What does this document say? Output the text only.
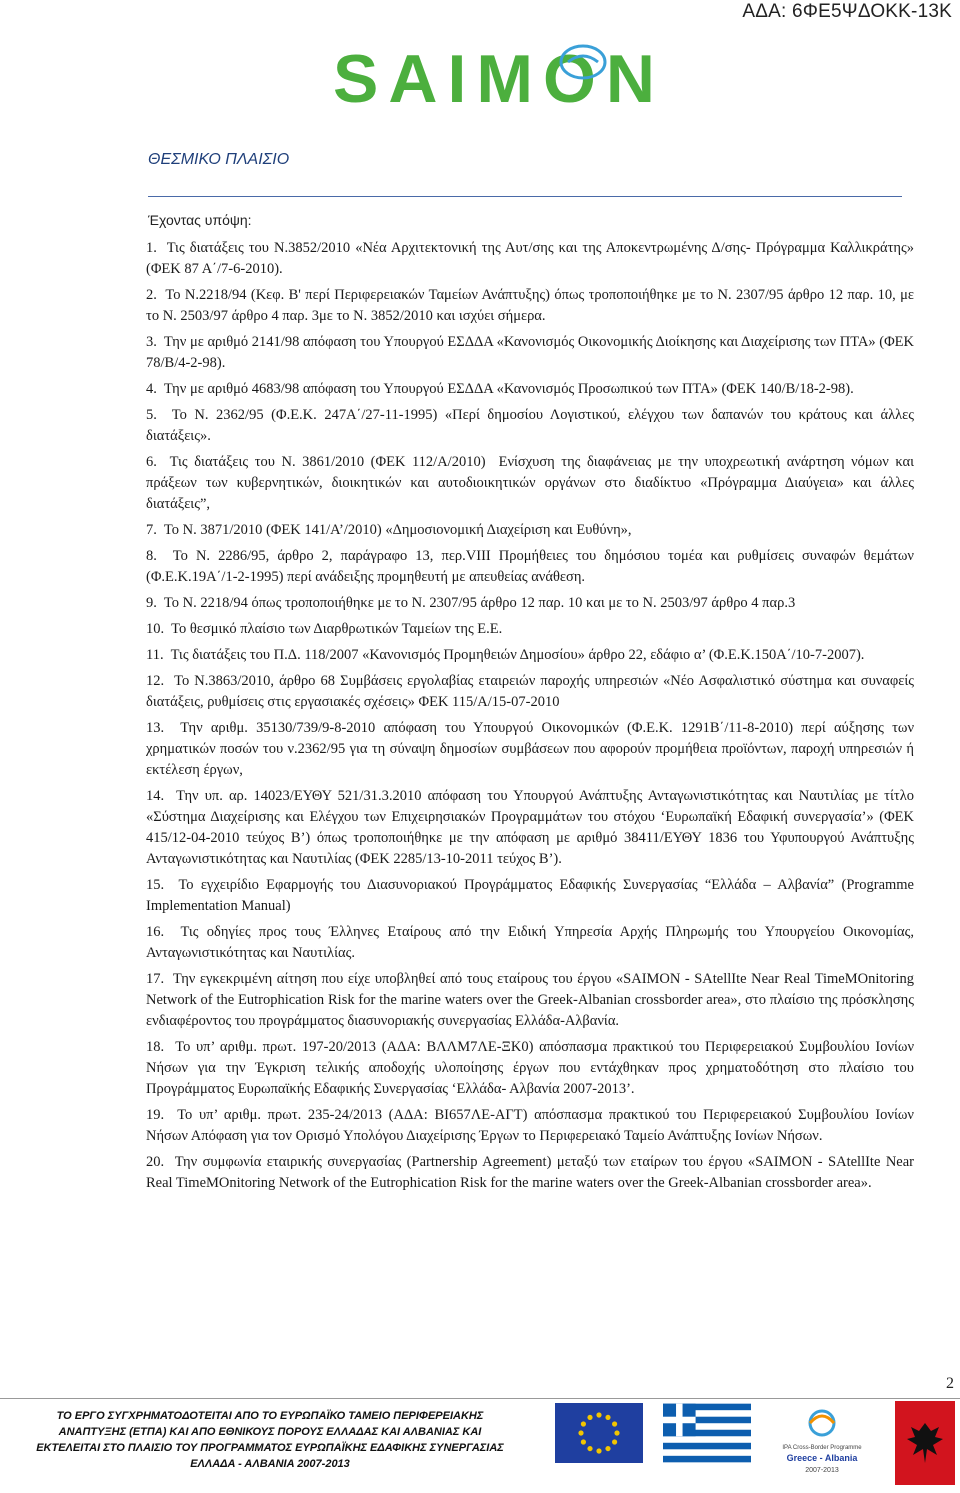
ΑΔΑ: 6ΦΕ5ΨΔΟΚΚ-13Κ
SAIMON
ΘΕΣΜΙΚΟ ΠΛΑΙΣΙΟ
Έχοντας υπόψη:

1.  Τις διατάξεις του Ν.3852/2010 «Νέα Αρχιτεκτονική της Αυτ/σης και της Αποκεντρωμένης Δ/σης- Πρόγραμμα Καλλικράτης» (ΦΕΚ 87 Α΄/7-6-2010).

2.  Το Ν.2218/94 (Κεφ. Β' περί Περιφερειακών Ταμείων Ανάπτυξης) όπως τροποποιήθηκε με το Ν. 2307/95 άρθρο 12 παρ. 10, με το Ν. 2503/97 άρθρο 4 παρ. 3με το Ν. 3852/2010 και ισχύει σήμερα.

3.  Την με αριθμό 2141/98 απόφαση του Υπουργού ΕΣΔΔΑ «Κανονισμός Οικονομικής Διοίκησης και Διαχείρισης των ΠΤΑ» (ΦΕΚ 78/Β/4-2-98).

4.  Την με αριθμό 4683/98 απόφαση του Υπουργού ΕΣΔΔΑ «Κανονισμός Προσωπικού των ΠΤΑ» (ΦΕΚ 140/Β/18-2-98).

5.  Το Ν. 2362/95 (Φ.Ε.Κ. 247Α΄/27-11-1995) «Περί δημοσίου Λογιστικού, ελέγχου των δαπανών του κράτους και άλλες διατάξεις».

6.  Τις διατάξεις του Ν. 3861/2010 (ΦΕΚ 112/Α/2010)  Ενίσχυση της διαφάνειας με την υποχρεωτική ανάρτηση νόμων και πράξεων των κυβερνητικών, διοικητικών και αυτοδιοικητικών οργάνων στο διαδίκτυο «Πρόγραμμα Διαύγεια» και άλλες διατάξεις”,

7.  Το Ν. 3871/2010 (ΦΕΚ 141/Α’/2010) «Δημοσιονομική Διαχείριση και Ευθύνη»,

8.  Το Ν. 2286/95, άρθρο 2, παράγραφο 13, περ.VIII Προμήθειες του δημόσιου τομέα και ρυθμίσεις συναφών θεμάτων (Φ.Ε.Κ.19Α΄/1-2-1995) περί ανάδειξης προμηθευτή με απευθείας ανάθεση.

9.  Το Ν. 2218/94 όπως τροποποιήθηκε με το Ν. 2307/95 άρθρο 12 παρ. 10 και με το Ν. 2503/97 άρθρο 4 παρ.3

10.  Το θεσμικό πλαίσιο των Διαρθρωτικών Ταμείων της Ε.Ε.

11.  Τις διατάξεις του Π.Δ. 118/2007 «Κανονισμός Προμηθειών Δημοσίου» άρθρο 22, εδάφιο α’ (Φ.Ε.Κ.150Α΄/10-7-2007).

12.  Το Ν.3863/2010, άρθρο 68 Συμβάσεις εργολαβίας εταιρειών παροχής υπηρεσιών «Νέο Ασφαλιστικό σύστημα και συναφείς διατάξεις, ρυθμίσεις στις εργασιακές σχέσεις» ΦΕΚ 115/Α/15-07-2010

13.  Την αριθμ. 35130/739/9-8-2010 απόφαση του Υπουργού Οικονομικών (Φ.Ε.Κ. 1291Β΄/11-8-2010) περί αύξησης των χρηματικών ποσών του ν.2362/95 για τη σύναψη δημοσίων συμβάσεων που αφορούν προμήθεια προϊόντων, παροχή υπηρεσιών ή εκτέλεση έργων,

14.  Την υπ. αρ. 14023/ΕΥΘΥ 521/31.3.2010 απόφαση του Υπουργού Ανάπτυξης Ανταγωνιστικότητας και Ναυτιλίας με τίτλο «Σύστημα Διαχείρισης και Ελέγχου των Επιχειρησιακών Προγραμμάτων του στόχου ‘Ευρωπαϊκή Εδαφική συνεργασία’» (ΦΕΚ 415/12-04-2010 τεύχος Β’) όπως τροποποιήθηκε με την απόφαση με αριθμό 38411/ΕΥΘΥ 1836 του Υφυπουργού Ανάπτυξης Ανταγωνιστικότητας και Ναυτιλίας (ΦΕΚ 2285/13-10-2011 τεύχος Β’).

15.  Το εγχειρίδιο Εφαρμογής του Διασυνοριακού Προγράμματος Εδαφικής Συνεργασίας “Ελλάδα – Αλβανία” (Programme Implementation Manual)

16.  Τις οδηγίες προς τους Έλληνες Εταίρους από την Ειδική Υπηρεσία Αρχής Πληρωμής του Υπουργείου Οικονομίας, Ανταγωνιστικότητας και Ναυτιλίας.

17.  Την εγκεκριμένη αίτηση που είχε υποβληθεί από τους εταίρους του έργου «SAIMON - SAtellIte Near Real TimeMOnitoring Network of the Eutrophication Risk for the marine waters over the Greek-Albanian crossborder area», στο πλαίσιο της πρόσκλησης ενδιαφέροντος του προγράμματος διασυνοριακής συνεργασίας Ελλάδα-Αλβανία.

18.  Το υπ’ αριθμ. πρωτ. 197-20/2013 (ΑΔΑ: ΒΛΛΜ7ΛΕ-ΞΚ0) απόσπασμα πρακτικού του Περιφερειακού Συμβουλίου Ιονίων Νήσων για την Έγκριση τελικής αποδοχής υλοποίησης έργων που εντάχθηκαν προς χρηματοδότηση στο πλαίσιο του Προγράμματος Ευρωπαϊκής Εδαφικής Συνεργασίας ‘Ελλάδα- Αλβανία 2007-2013’.

19.  Το υπ’ αριθμ. πρωτ. 235-24/2013 (ΑΔΑ: ΒΙ657ΛΕ-ΑΓΤ) απόσπασμα πρακτικού του Περιφερειακού Συμβουλίου Ιονίων Νήσων Απόφαση για τον Ορισμό Υπολόγου Διαχείρισης Έργων το Περιφερειακό Ταμείο Ανάπτυξης Ιονίων Νήσων.

20.  Την συμφωνία εταιρικής συνεργασίας (Partnership Agreement) μεταξύ των εταίρων του έργου «SAIMON - SAtellIte Near Real TimeMOnitoring Network of the Eutrophication Risk for the marine waters over the Greek-Albanian crossborder area».

2
ΤΟ ΕΡΓΟ ΣΥΓΧΡΗΜΑΤΟΔΟΤΕΙΤΑΙ ΑΠΟ ΤΟ ΕΥΡΩΠΑΪΚΟ ΤΑΜΕΙΟ ΠΕΡΙΦΕΡΕΙΑΚΗΣ
ΑΝΑΠΤΥΞΗΣ (ΕΤΠΑ) ΚΑΙ ΑΠΟ ΕΘΝΙΚΟΥΣ ΠΟΡΟΥΣ ΕΛΛΑΔΑΣ ΚΑΙ ΑΛΒΑΝΙΑΣ ΚΑΙ
ΕΚΤΕΛΕΙΤΑΙ ΣΤΟ ΠΛΑΙΣΙΟ ΤΟΥ ΠΡΟΓΡΑΜΜΑΤΟΣ ΕΥΡΩΠΑΪΚΗΣ ΕΔΑΦΙΚΗΣ ΣΥΝΕΡΓΑΣΙΑΣ
ΕΛΛΑΔΑ - ΑΛΒΑΝΙΑ 2007-2013
IPA Cross-Border Programme
Greece - Albania
2007-2013
